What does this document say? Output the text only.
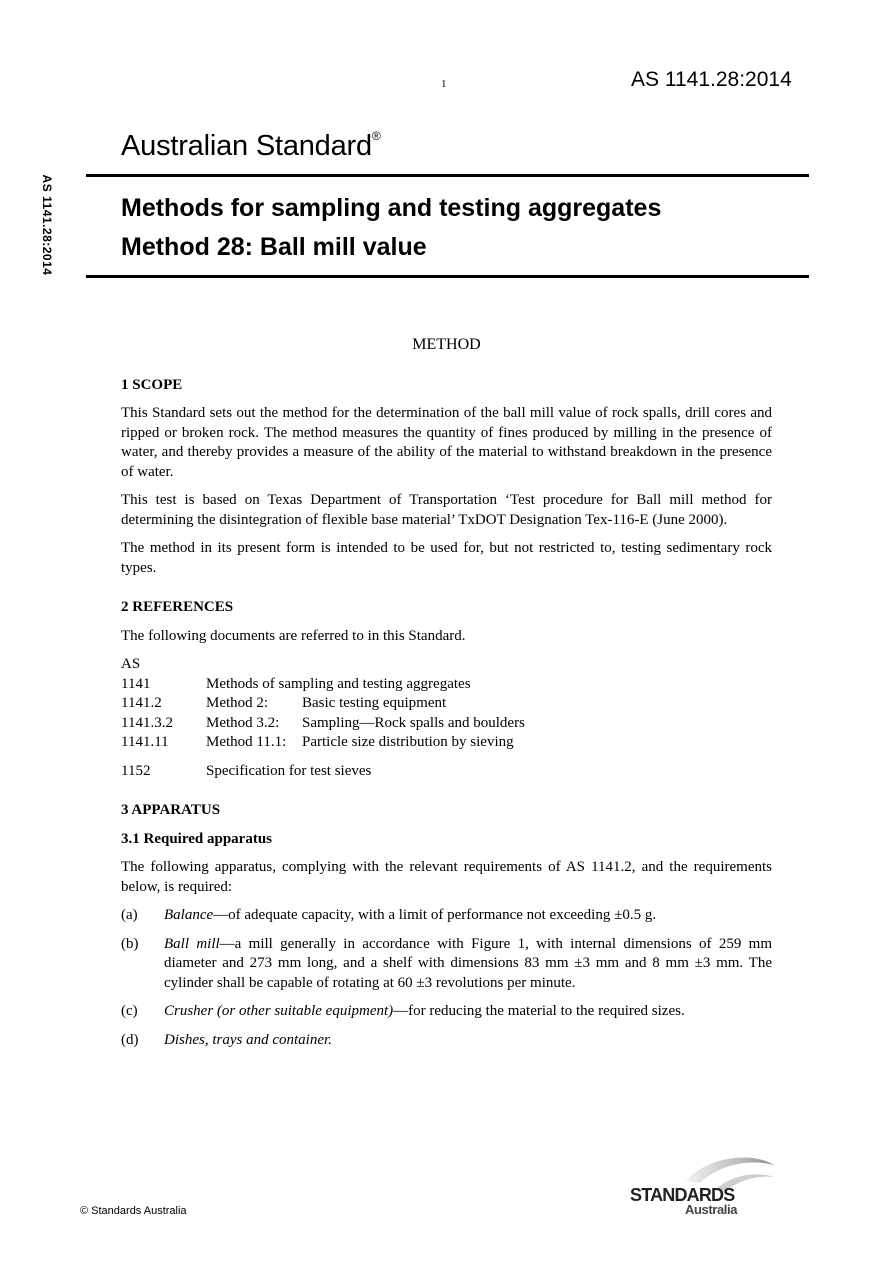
1	AS 1141.28:2014
AS 1141.28:2014
Australian Standard®
Methods for sampling and testing aggregates
Method 28: Ball mill value
METHOD
1 SCOPE

This Standard sets out the method for the determination of the ball mill value of rock spalls, drill cores and ripped or broken rock. The method measures the quantity of fines produced by milling in the presence of water, and thereby provides a measure of the ability of the material to withstand breakdown in the presence of water.

This test is based on Texas Department of Transportation ‘Test procedure for Ball mill method for determining the disintegration of flexible base material’ TxDOT Designation Tex-116-E (June 2000).

The method in its present form is intended to be used for, but not restricted to, testing sedimentary rock types.

2 REFERENCES

The following documents are referred to in this Standard.

AS		
1141	Methods of sampling and testing aggregates	
1141.2	Method 2:	Basic testing equipment
1141.3.2	Method 3.2:	Sampling—Rock spalls and boulders
1141.11	Method 11.1:	Particle size distribution by sieving
1152	Specification for test sieves	
3 APPARATUS
3.1 Required apparatus

The following apparatus, complying with the relevant requirements of AS 1141.2, and the requirements below, is required:

(a)	Balance—of adequate capacity, with a limit of performance not exceeding ±0.5 g.
(b)	Ball mill—a mill generally in accordance with Figure 1, with internal dimensions of 259 mm diameter and 273 mm long, and a shelf with dimensions 83 mm ±3 mm and 8 mm ±3 mm. The cylinder shall be capable of rotating at 60 ±3 revolutions per minute.
(c)	Crusher (or other suitable equipment)—for reducing the material to the required sizes.
(d)	Dishes, trays and container.
© Standards Australia
STANDARDS
Australia
